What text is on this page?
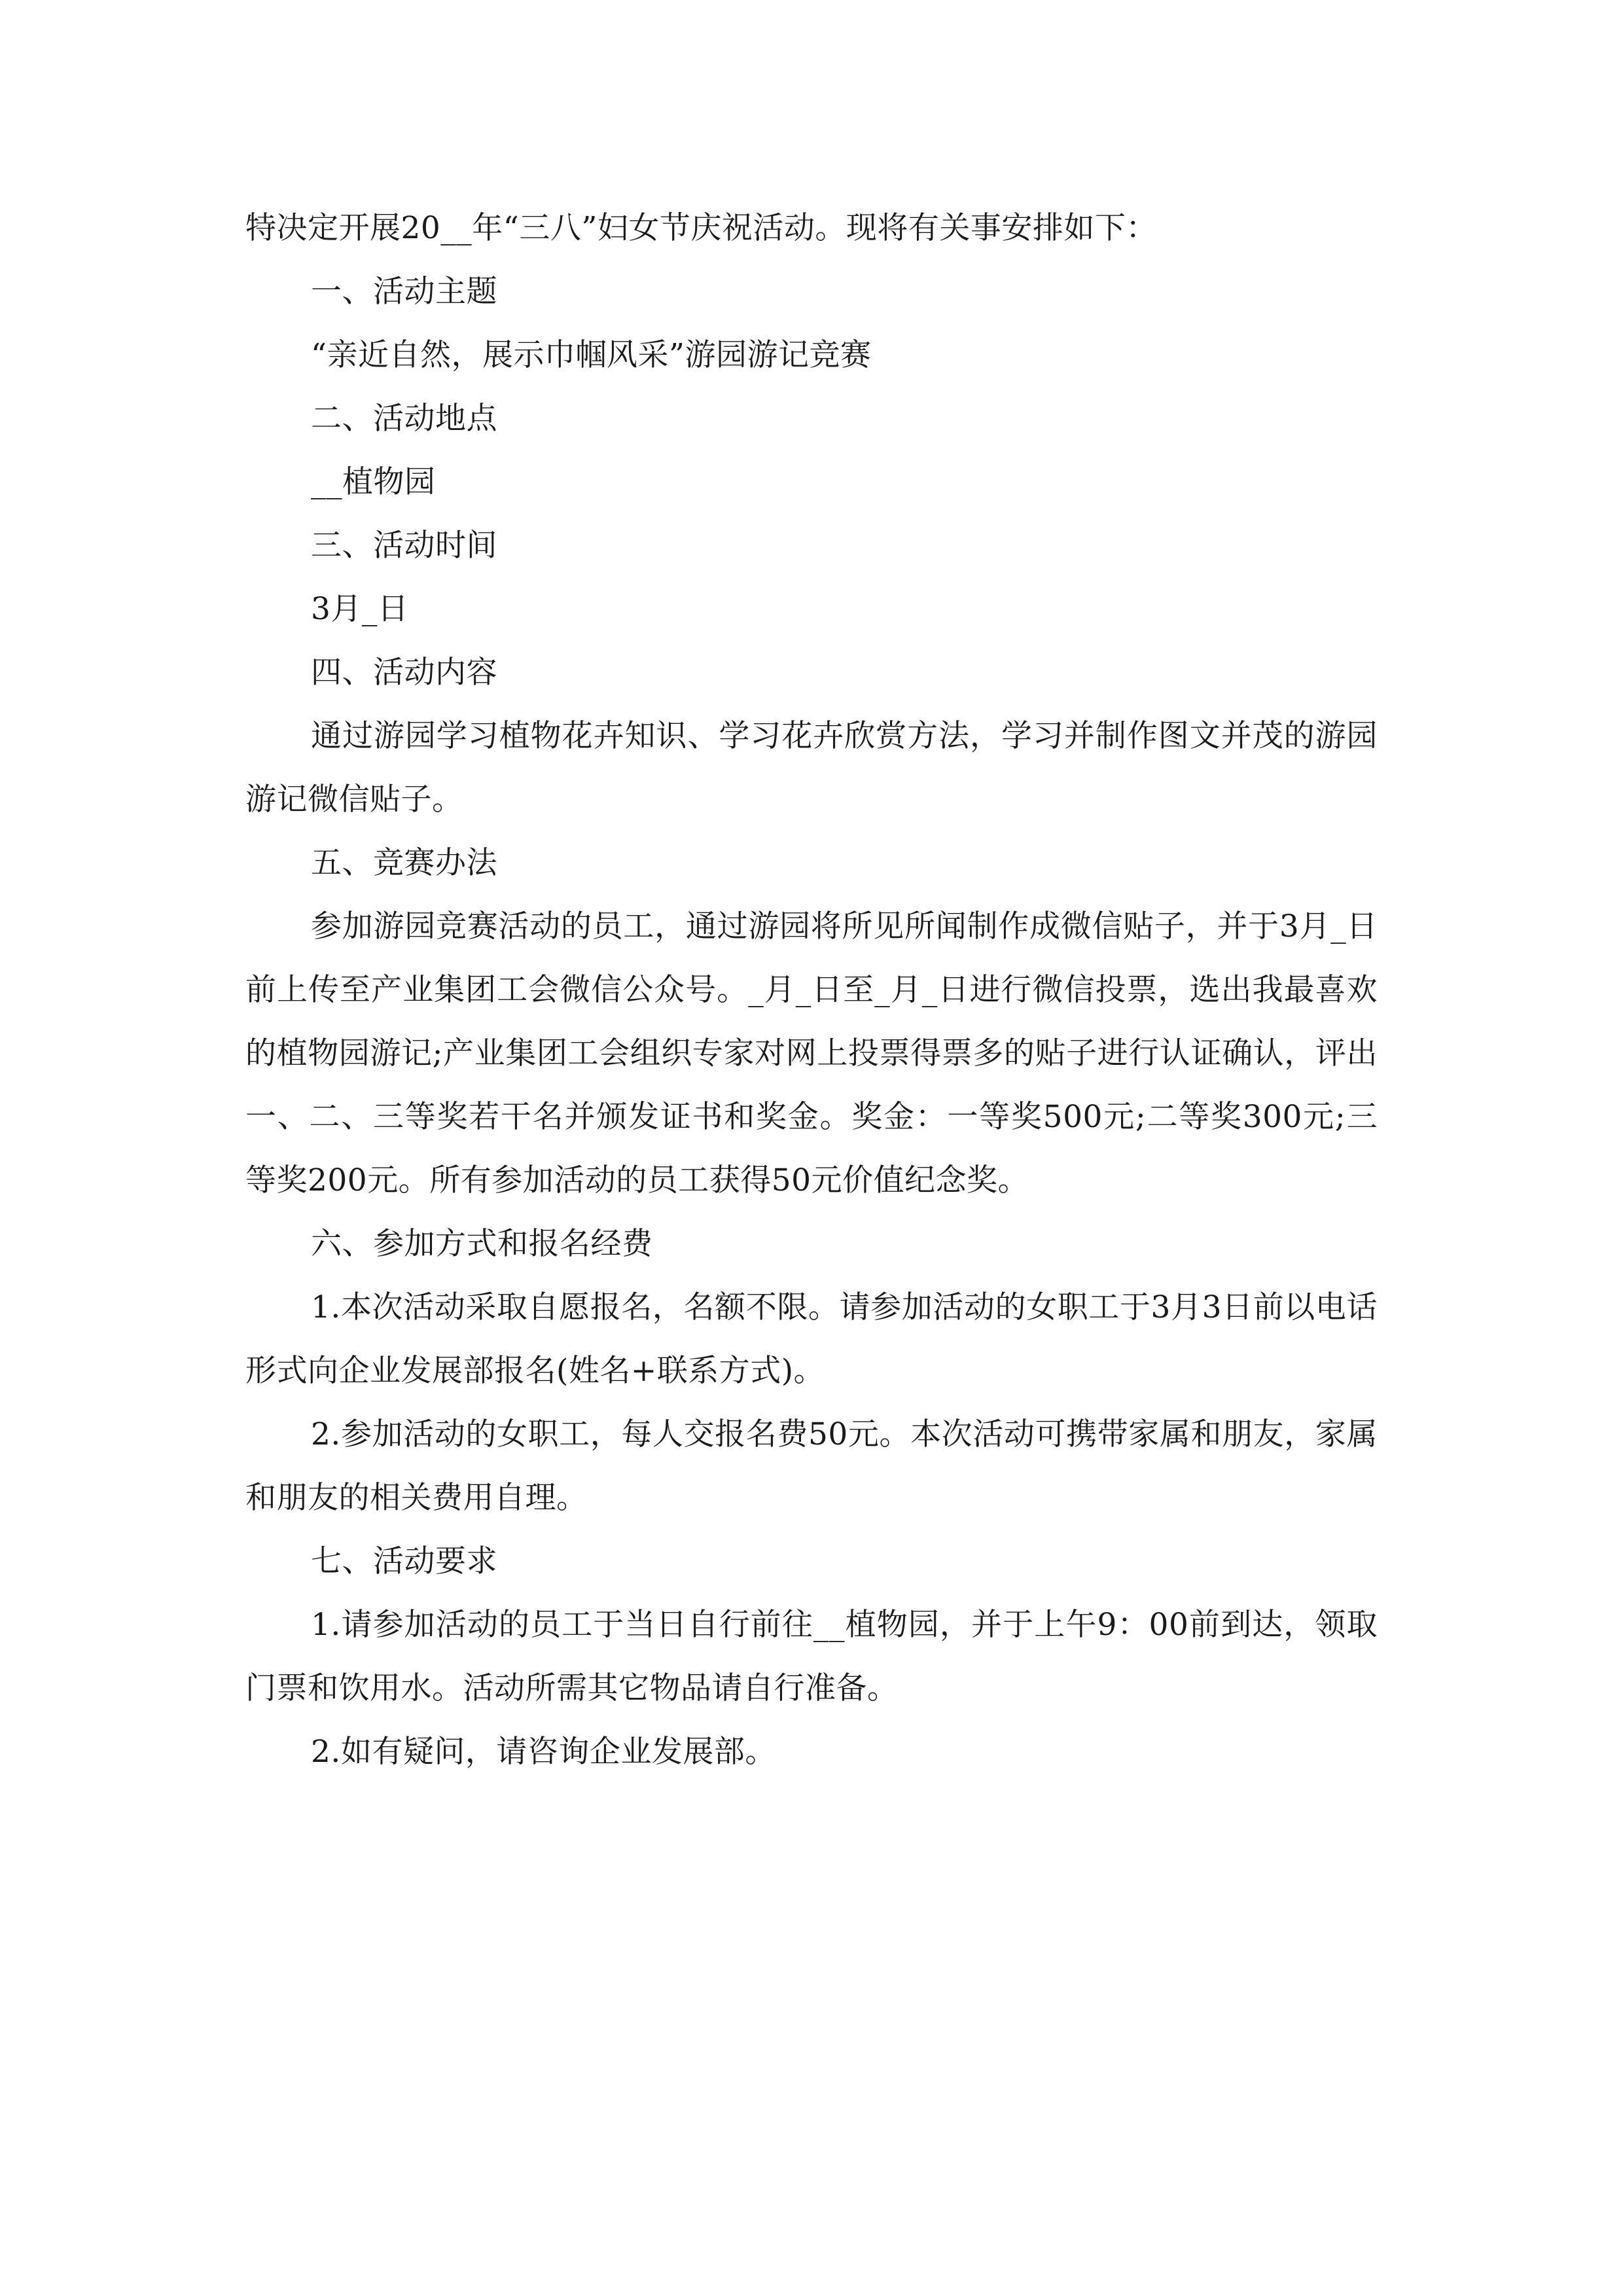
特决定开展20__年“三八”妇女节庆祝活动。现将有关事安排如下：

一、活动主题

“亲近自然，展示巾帼风采”游园游记竞赛

二、活动地点

__植物园

三、活动时间

3月_日

四、活动内容

通过游园学习植物花卉知识、学习花卉欣赏方法，学习并制作图文并茂的游园游记微信贴子。

五、竞赛办法

参加游园竞赛活动的员工，通过游园将所见所闻制作成微信贴子，并于3月_日前上传至产业集团工会微信公众号。_月_日至_月_日进行微信投票，选出我最喜欢的植物园游记;产业集团工会组织专家对网上投票得票多的贴子进行认证确认，评出一、二、三等奖若干名并颁发证书和奖金。奖金：一等奖500元;二等奖300元;三等奖200元。所有参加活动的员工获得50元价值纪念奖。

六、参加方式和报名经费

1.本次活动采取自愿报名，名额不限。请参加活动的女职工于3月3日前以电话形式向企业发展部报名(姓名+联系方式)。

2.参加活动的女职工，每人交报名费50元。本次活动可携带家属和朋友，家属和朋友的相关费用自理。

七、活动要求

1.请参加活动的员工于当日自行前往__植物园，并于上午9：00前到达，领取门票和饮用水。活动所需其它物品请自行准备。

2.如有疑问，请咨询企业发展部。
